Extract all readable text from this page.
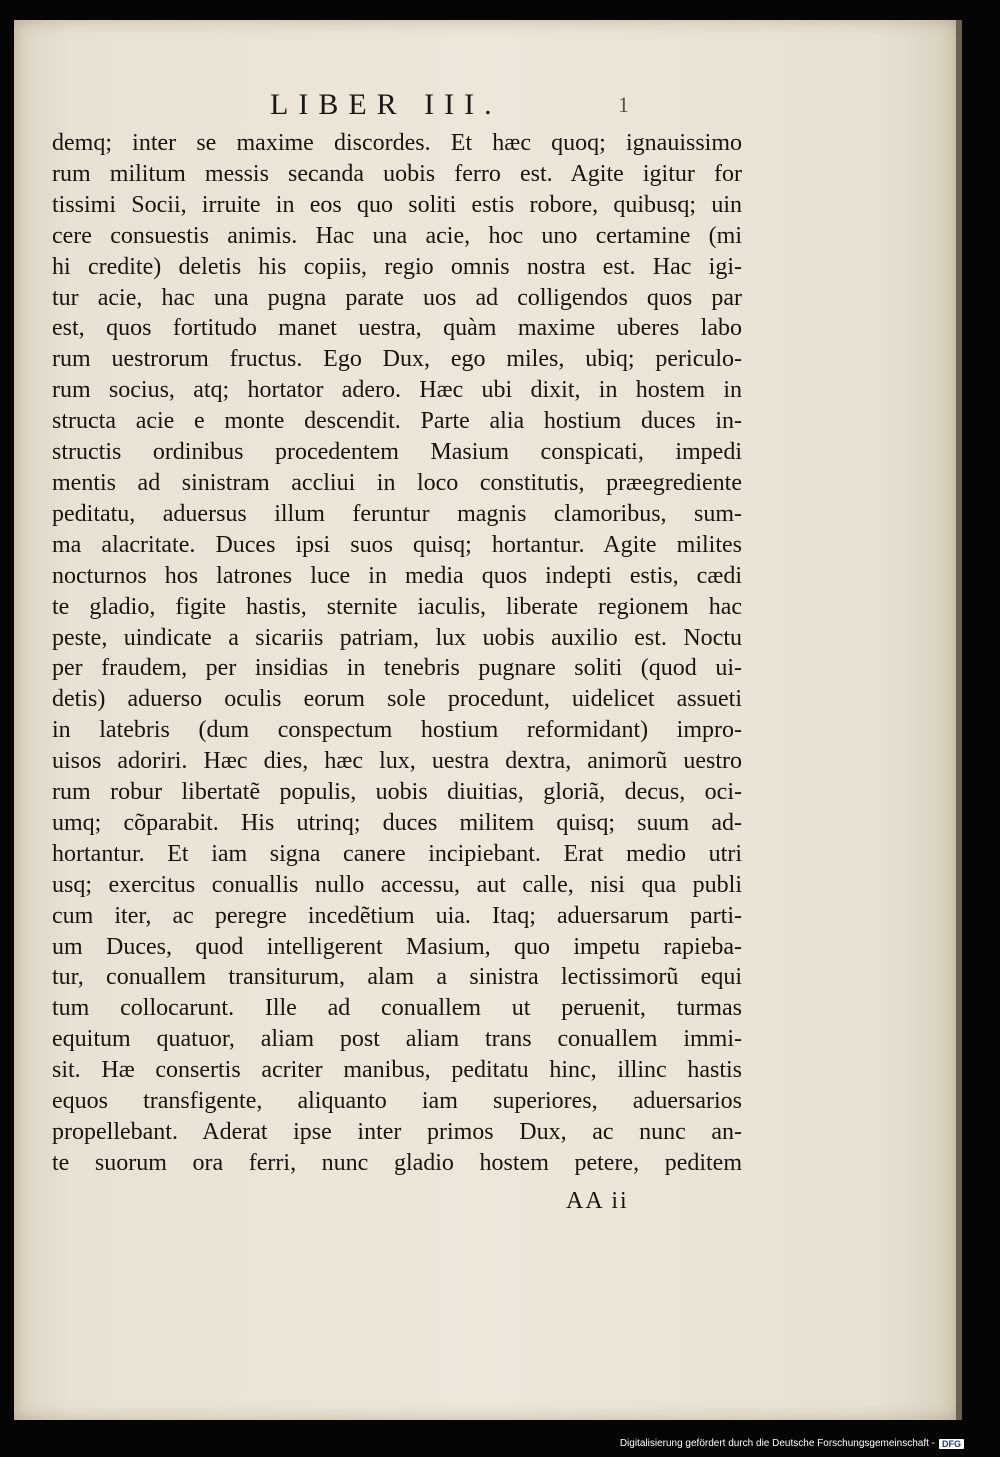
LIBER III.	1
demq; inter se maxime discordes. Et hæc quoq; ignauissimo
rum militum messis secanda uobis ferro est. Agite igitur for
tissimi Socii, irruite in eos quo soliti estis robore, quibusq; uin
cere consuestis animis. Hac una acie, hoc uno certamine (mi
hi credite) deletis his copiis, regio omnis nostra est. Hac igi-
tur acie, hac una pugna parate uos ad colligendos quos par
est, quos fortitudo manet uestra, quàm maxime uberes labo
rum uestrorum fructus. Ego Dux, ego miles, ubiq; periculo-
rum socius, atq; hortator adero. Hæc ubi dixit, in hostem in
structa acie e monte descendit. Parte alia hostium duces in-
structis ordinibus procedentem Masium conspicati, impedi
mentis ad sinistram accliui in loco constitutis, præegrediente
peditatu, aduersus illum feruntur magnis clamoribus, sum-
ma alacritate. Duces ipsi suos quisq; hortantur. Agite milites
nocturnos hos latrones luce in media quos indepti estis, cædi
te gladio, figite hastis, sternite iaculis, liberate regionem hac
peste, uindicate a sicariis patriam, lux uobis auxilio est. Noctu
per fraudem, per insidias in tenebris pugnare soliti (quod ui-
detis) aduerso oculis eorum sole procedunt, uidelicet assueti
in latebris (dum conspectum hostium reformidant) impro-
uisos adoriri. Hæc dies, hæc lux, uestra dextra, animorũ uestro
rum robur libertatẽ populis, uobis diuitias, gloriã, decus, oci-
umq; cõparabit. His utrinq; duces militem quisq; suum ad-
hortantur. Et iam signa canere incipiebant. Erat medio utri
usq; exercitus conuallis nullo accessu, aut calle, nisi qua publi
cum iter, ac peregre incedẽtium uia. Itaq; aduersarum parti-
um Duces, quod intelligerent Masium, quo impetu rapieba-
tur, conuallem transiturum, alam a sinistra lectissimorũ equi
tum collocarunt. Ille ad conuallem ut peruenit, turmas
equitum quatuor, aliam post aliam trans conuallem immi-
sit. Hæ consertis acriter manibus, peditatu hinc, illinc hastis
equos transfigente, aliquanto iam superiores, aduersarios
propellebant. Aderat ipse inter primos Dux, ac nunc an-
te suorum ora ferri, nunc gladio hostem petere, peditem
AA ii
Digitalisierung gefördert durch die Deutsche Forschungsgemeinschaft - DFG
